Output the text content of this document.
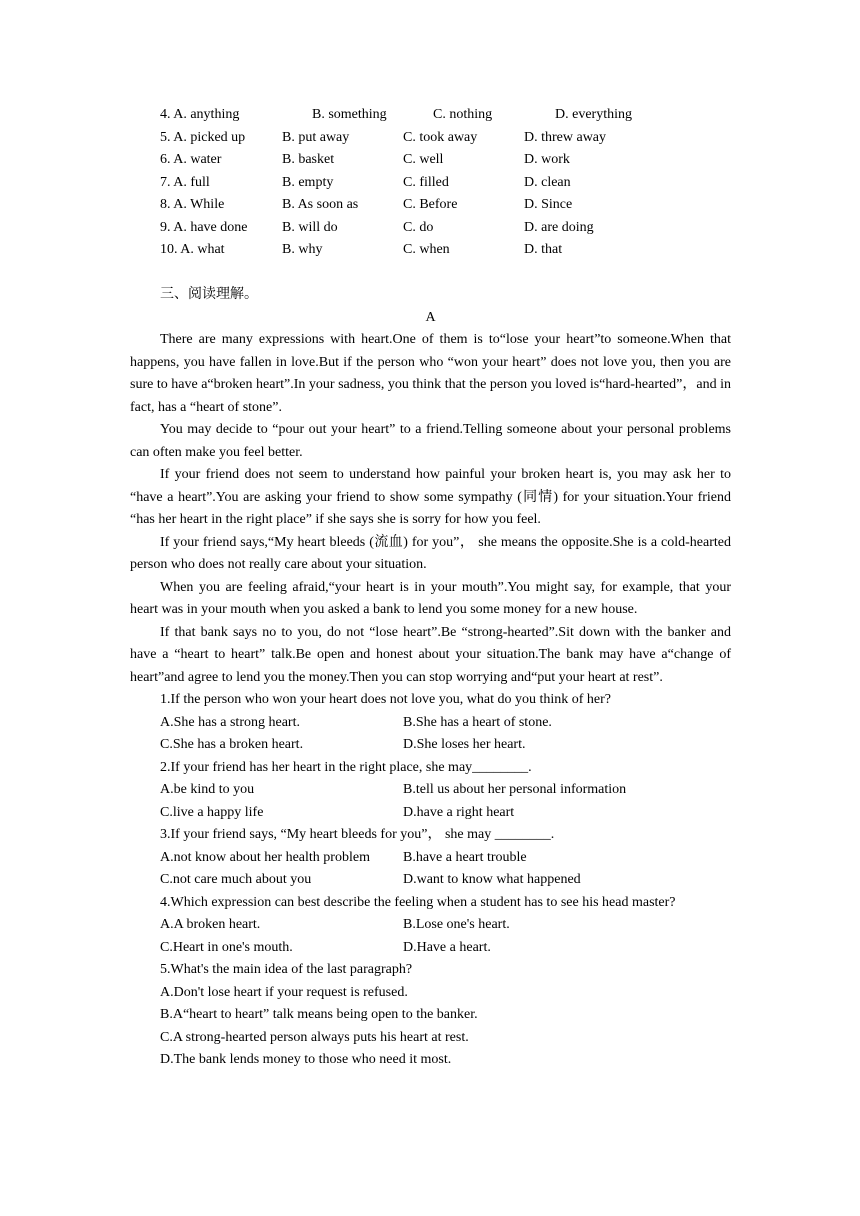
4. A. anything	B. something	C. nothing	D. everything
5. A. picked up	B. put away	C. took away	D. threw away
6. A. water	B. basket	C. well	D. work
7. A. full	B. empty	C. filled	D. clean
8. A. While	B. As soon as	C. Before	D. Since
9. A. have done B. will do	C. do	D. are doing
10. A. what	B. why	C. when	D. that
三、阅读理解。
A

There are many expressions with heart.One of them is to“lose your heart”to someone.When that happens, you have fallen in love.But if the person who “won your heart” does not love you, then you are sure to have a“broken heart”.In your sadness, you think that the person you loved is“hard-hearted”，and in fact, has a “heart of stone”.

You may decide to “pour out your heart” to a friend.Telling someone about your personal problems can often make you feel better.

If your friend does not seem to understand how painful your broken heart is, you may ask her to “have a heart”.You are asking your friend to show some sympathy (同情) for your situation.Your friend “has her heart in the right place” if she says she is sorry for how you feel.

If your friend says,“My heart bleeds (流血) for you”， she means the opposite.She is a cold-hearted person who does not really care about your situation.

When you are feeling afraid,“your heart is in your mouth”.You might say, for example, that your heart was in your mouth when you asked a bank to lend you some money for a new house.

If that bank says no to you, do not “lose heart”.Be “strong-hearted”.Sit down with the banker and have a “heart to heart” talk.Be open and honest about your situation.The bank may have a“change of heart”and agree to lend you the money.Then you can stop worrying and“put your heart at rest”.

1.If the person who won your heart does not love you, what do you think of her?
A.She has a strong heart.	B.She has a heart of stone.
C.She has a broken heart.	D.She loses her heart.
2.If your friend has her heart in the right place, she may________.
A.be kind to you	B.tell us about her personal information
C.live a happy life	D.have a right heart
3.If your friend says, “My heart bleeds for you”， she may ________.
A.not know about her health problem B.have a heart trouble
C.not care much about you	D.want to know what happened
4.Which expression can best describe the feeling when a student has to see his head master?
A.A broken heart.	B.Lose one's heart.
C.Heart in one's mouth.	D.Have a heart.
5.What's the main idea of the last paragraph?
A.Don't lose heart if your request is refused.
B.A“heart to heart” talk means being open to the banker.
C.A strong-hearted person always puts his heart at rest.
D.The bank lends money to those who need it most.
